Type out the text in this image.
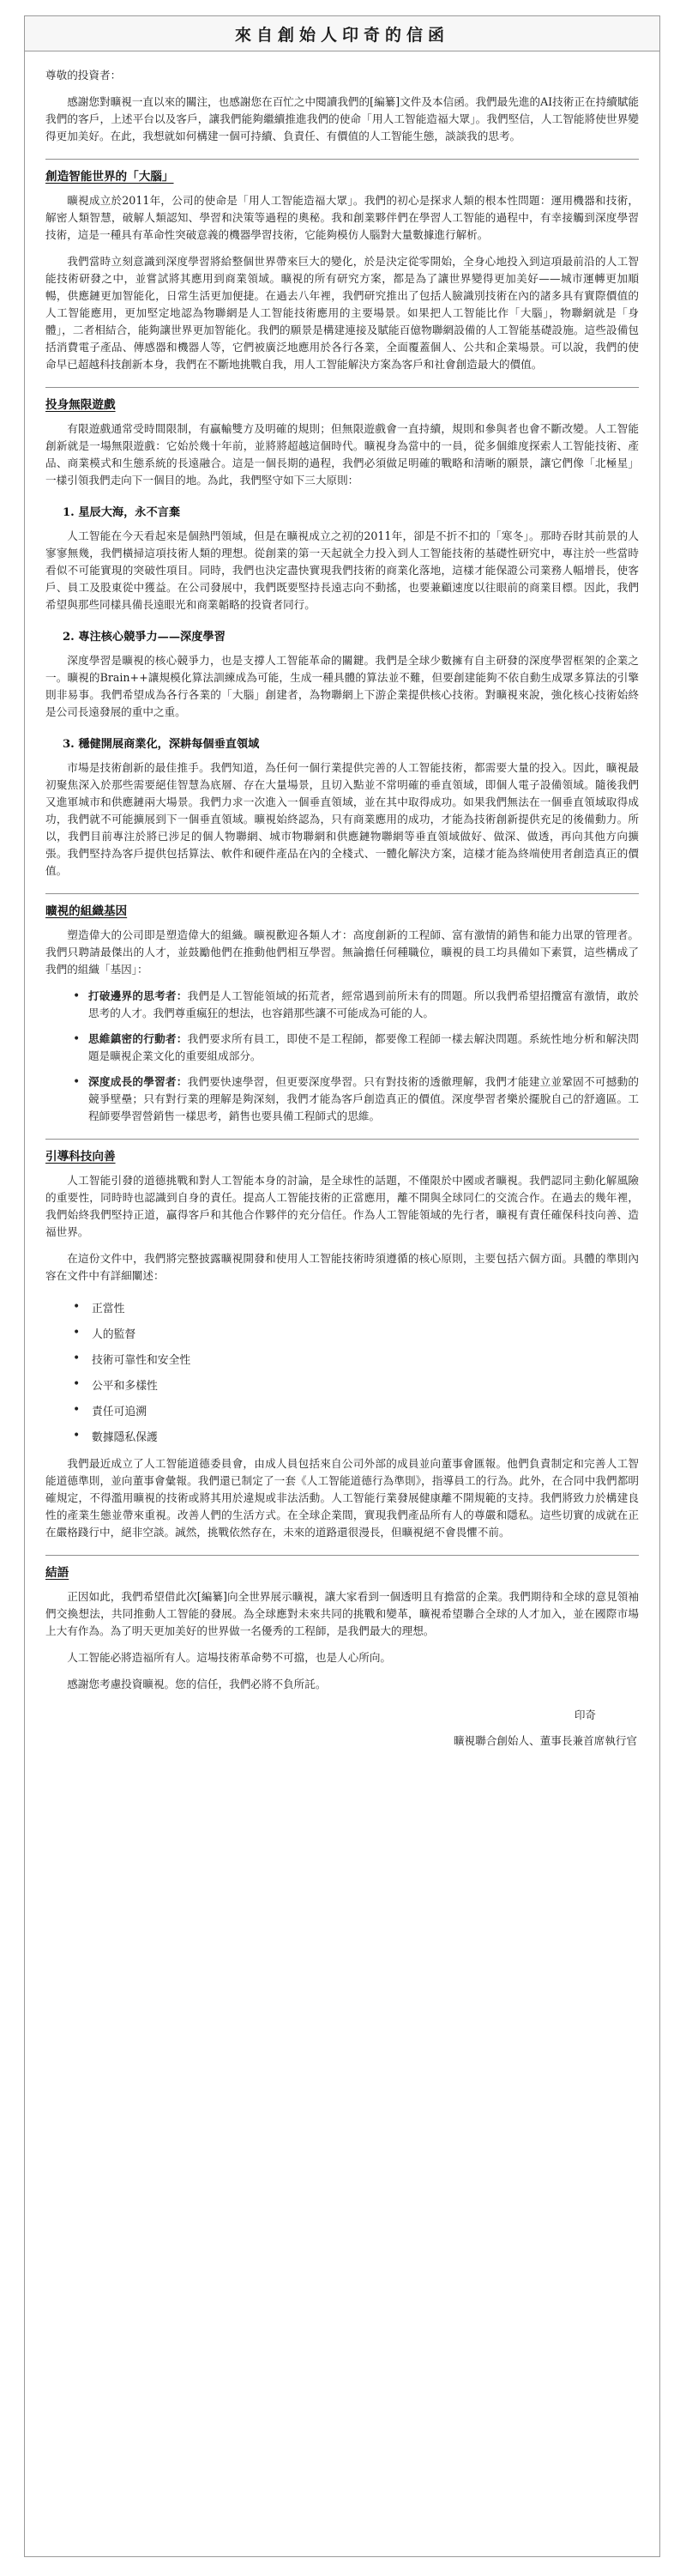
來自創始人印奇的信函

尊敬的投資者：

感謝您對曠視一直以來的關注，也感謝您在百忙之中閱讀我們的[編纂]文件及本信函。我們最先進的AI技術正在持續賦能我們的客戶，上述平台以及客戶，讓我們能夠繼續推進我們的使命「用人工智能造福大眾」。我們堅信，人工智能將使世界變得更加美好。在此，我想就如何構建一個可持續、負責任、有價值的人工智能生態，談談我的思考。

創造智能世界的「大腦」

曠視成立於2011年，公司的使命是「用人工智能造福大眾」。我們的初心是探求人類的根本性問題：運用機器和技術，解密人類智慧，破解人類認知、學習和決策等過程的奧秘。我和創業夥伴們在學習人工智能的過程中，有幸接觸到深度學習技術，這是一種具有革命性突破意義的機器學習技術，它能夠模仿人腦對大量數據進行解析。

我們當時立刻意識到深度學習將給整個世界帶來巨大的變化，於是決定從零開始，全身心地投入到這項最前沿的人工智能技術研發之中，並嘗試將其應用到商業領域。曠視的所有研究方案，都是為了讓世界變得更加美好——城市運轉更加順暢，供應鏈更加智能化，日常生活更加便捷。在過去八年裡，我們研究推出了包括人臉識別技術在內的諸多具有實際價值的人工智能應用，更加堅定地認為物聯網是人工智能技術應用的主要場景。如果把人工智能比作「大腦」，物聯網就是「身體」，二者相結合，能夠讓世界更加智能化。我們的願景是構建連接及賦能百億物聯網設備的人工智能基礎設施。這些設備包括消費電子產品、傳感器和機器人等，它們被廣泛地應用於各行各業，全面覆蓋個人、公共和企業場景。可以說，我們的使命早已超越科技創新本身，我們在不斷地挑戰自我，用人工智能解決方案為客戶和社會創造最大的價值。

投身無限遊戲

有限遊戲通常受時間限制，有贏輸雙方及明確的規則；但無限遊戲會一直持續，規則和參與者也會不斷改變。人工智能創新就是一場無限遊戲：它始於幾十年前，並將將超越這個時代。曠視身為當中的一員，從多個維度探索人工智能技術、產品、商業模式和生態系統的長遠融合。這是一個長期的過程，我們必須做足明確的戰略和清晰的願景，讓它們像「北極星」一樣引領我們走向下一個目的地。為此，我們堅守如下三大原則：

1. 星辰大海，永不言棄

人工智能在今天看起來是個熱門領域，但是在曠視成立之初的2011年，卻是不折不扣的「寒冬」。那時吞財其前景的人寥寥無幾，我們橫掃這項技術人類的理想。從創業的第一天起就全力投入到人工智能技術的基礎性研究中，專注於一些當時看似不可能實現的突破性項目。同時，我們也決定盡快實現我們技術的商業化落地，這樣才能保證公司業務人幅增長，使客戶、員工及股東從中獲益。在公司發展中，我們既要堅持長遠志向不動搖，也要兼顧速度以往眼前的商業目標。因此，我們希望與那些同樣具備長遠眼光和商業韜略的投資者同行。

2. 專注核心競爭力——深度學習

深度學習是曠視的核心競爭力，也是支撐人工智能革命的關鍵。我們是全球少數擁有自主研發的深度學習框架的企業之一。曠視的Brain++讓規模化算法訓練成為可能，生成一種具體的算法並不難，但要創建能夠不依自動生成眾多算法的引擎則非易事。我們希望成為各行各業的「大腦」創建者，為物聯網上下游企業提供核心技術。對曠視來說，強化核心技術始終是公司長遠發展的重中之重。

3. 穩健開展商業化，深耕每個垂直領域

市場是技術創新的最佳推手。我們知道，為任何一個行業提供完善的人工智能技術，都需要大量的投入。因此，曠視最初聚焦深入於那些需要絕佳智慧為底層、存在大量場景，且切入點並不常明確的垂直領域，即個人電子設備領域。隨後我們又進軍城市和供應鏈兩大場景。我們力求一次進入一個垂直領域，並在其中取得成功。如果我們無法在一個垂直領域取得成功，我們就不可能擴展到下一個垂直領域。曠視始終認為，只有商業應用的成功，才能為技術創新提供充足的後備動力。所以，我們目前專注於將已涉足的個人物聯網、城市物聯網和供應鏈物聯網等垂直領域做好、做深、做透，再向其他方向擴張。我們堅持為客戶提供包括算法、軟件和硬件產品在內的全棧式、一體化解決方案，這樣才能為終端使用者創造真正的價值。

曠視的組織基因

塑造偉大的公司即是塑造偉大的組織。曠視歡迎各類人才：高度創新的工程師、富有激情的銷售和能力出眾的管理者。我們只聘請最傑出的人才，並鼓勵他們在推動他們相互學習。無論擔任何種職位，曠視的員工均具備如下素質，這些構成了我們的組織「基因」：

• 打破邊界的思考者：我們是人工智能領域的拓荒者，經常遇到前所未有的問題。所以我們希望招攬富有激情，敢於思考的人才。我們尊重瘋狂的想法，也容錯那些讓不可能成為可能的人。
• 思維鎮密的行動者：我們要求所有員工，即使不是工程師，都要像工程師一樣去解決問題。系統性地分析和解決問題是曠視企業文化的重要組成部分。
• 深度成長的學習者：我們要快速學習，但更要深度學習。只有對技術的透徹理解，我們才能建立並鞏固不可撼動的競爭壁壘；只有對行業的理解是夠深刻，我們才能為客戶創造真正的價值。深度學習者樂於擺脫自己的舒適區。工程師要學習營銷售一樣思考，銷售也要具備工程師式的思維。
引導科技向善

人工智能引發的道德挑戰和對人工智能本身的討論，是全球性的話題，不僅限於中國或者曠視。我們認同主動化解風險的重要性，同時時也認識到自身的責任。提高人工智能技術的正當應用，離不開與全球同仁的交流合作。在過去的幾年裡，我們始終我們堅持正道，贏得客戶和其他合作夥伴的充分信任。作為人工智能領域的先行者，曠視有責任確保科技向善、造福世界。

在這份文件中，我們將完整披露曠視開發和使用人工智能技術時須遵循的核心原則，主要包括六個方面。具體的準則內容在文件中有詳細闡述：

•	正當性
•	人的監督
•	技術可靠性和安全性
•	公平和多樣性
•	責任可追溯
•	數據隱私保護

我們最近成立了人工智能道德委員會，由成人員包括來自公司外部的成員並向董事會匯報。他們負責制定和完善人工智能道德準則，並向董事會彙報。我們還已制定了一套《人工智能道德行為準則》，指導員工的行為。此外，在合同中我們都明確規定，不得濫用曠視的技術或將其用於違規或非法活動。人工智能行業發展健康離不開規範的支持。我們將致力於構建良性的產業生態並帶來重視。改善人們的生活方式。在全球企業間，實現我們產品所有人的尊嚴和隱私。這些切實的成就在正在嚴格踐行中，絕非空談。誠然，挑戰依然存在，未來的道路還很漫長，但曠視絕不會畏懼不前。

結語

正因如此，我們希望借此次[編纂]向全世界展示曠視，讓大家看到一個透明且有擔當的企業。我們期待和全球的意見領袖們交換想法，共同推動人工智能的發展。為全球應對未來共同的挑戰和變革，曠視希望聯合全球的人才加入，並在國際市場上大有作為。為了明天更加美好的世界做一名優秀的工程師，是我們最大的理想。

人工智能必將造福所有人。這場技術革命勢不可擋，也是人心所向。

感謝您考慮投資曠視。您的信任，我們必將不負所託。

印奇
曠視聯合創始人、董事長兼首席執行官
